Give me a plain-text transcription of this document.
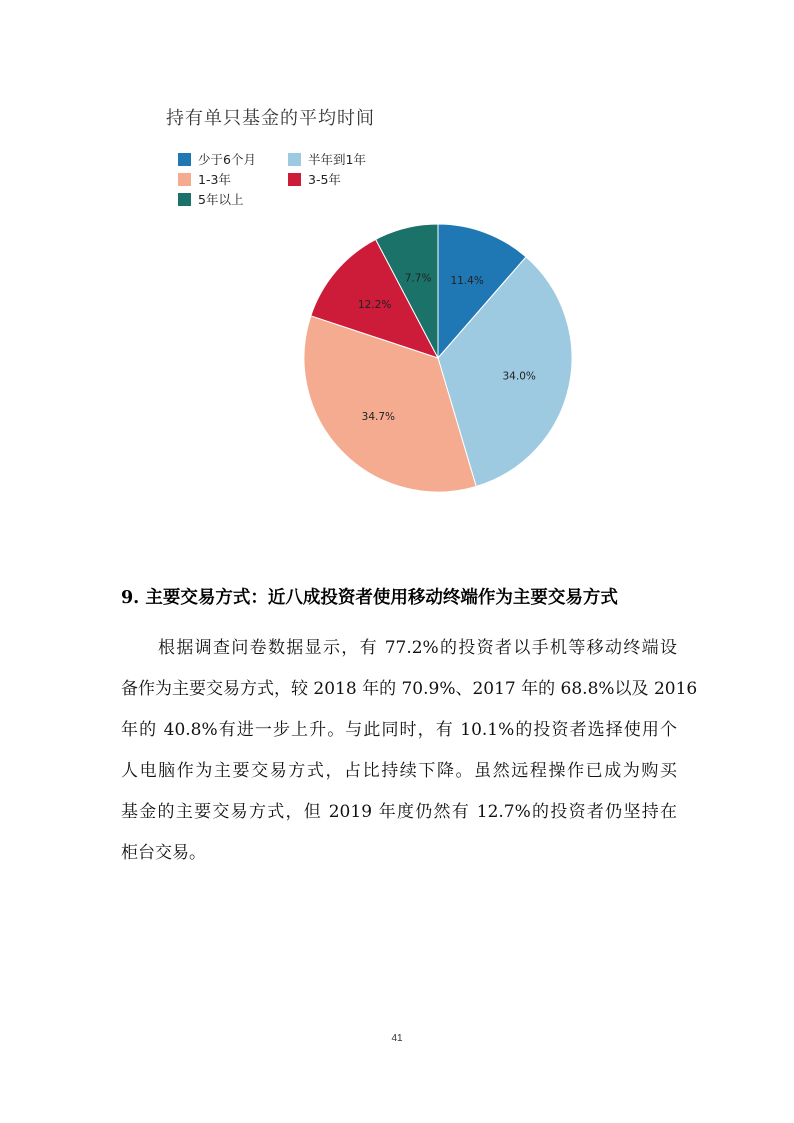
持有单只基金的平均时间
少于6个月	半年到1年
1-3年	3-5年
5年以上
11.4%
34.0%
34.7%
12.2%
7.7%
9. 主要交易方式：近八成投资者使用移动终端作为主要交易方式
根据调查问卷数据显示，有 77.2%的投资者以手机等移动终端设
备作为主要交易方式，较 2018 年的 70.9%、2017 年的 68.8%以及 2016
年的 40.8%有进一步上升。与此同时，有 10.1%的投资者选择使用个
人电脑作为主要交易方式，占比持续下降。虽然远程操作已成为购买
基金的主要交易方式，但 2019 年度仍然有 12.7%的投资者仍坚持在
柜台交易。
41
